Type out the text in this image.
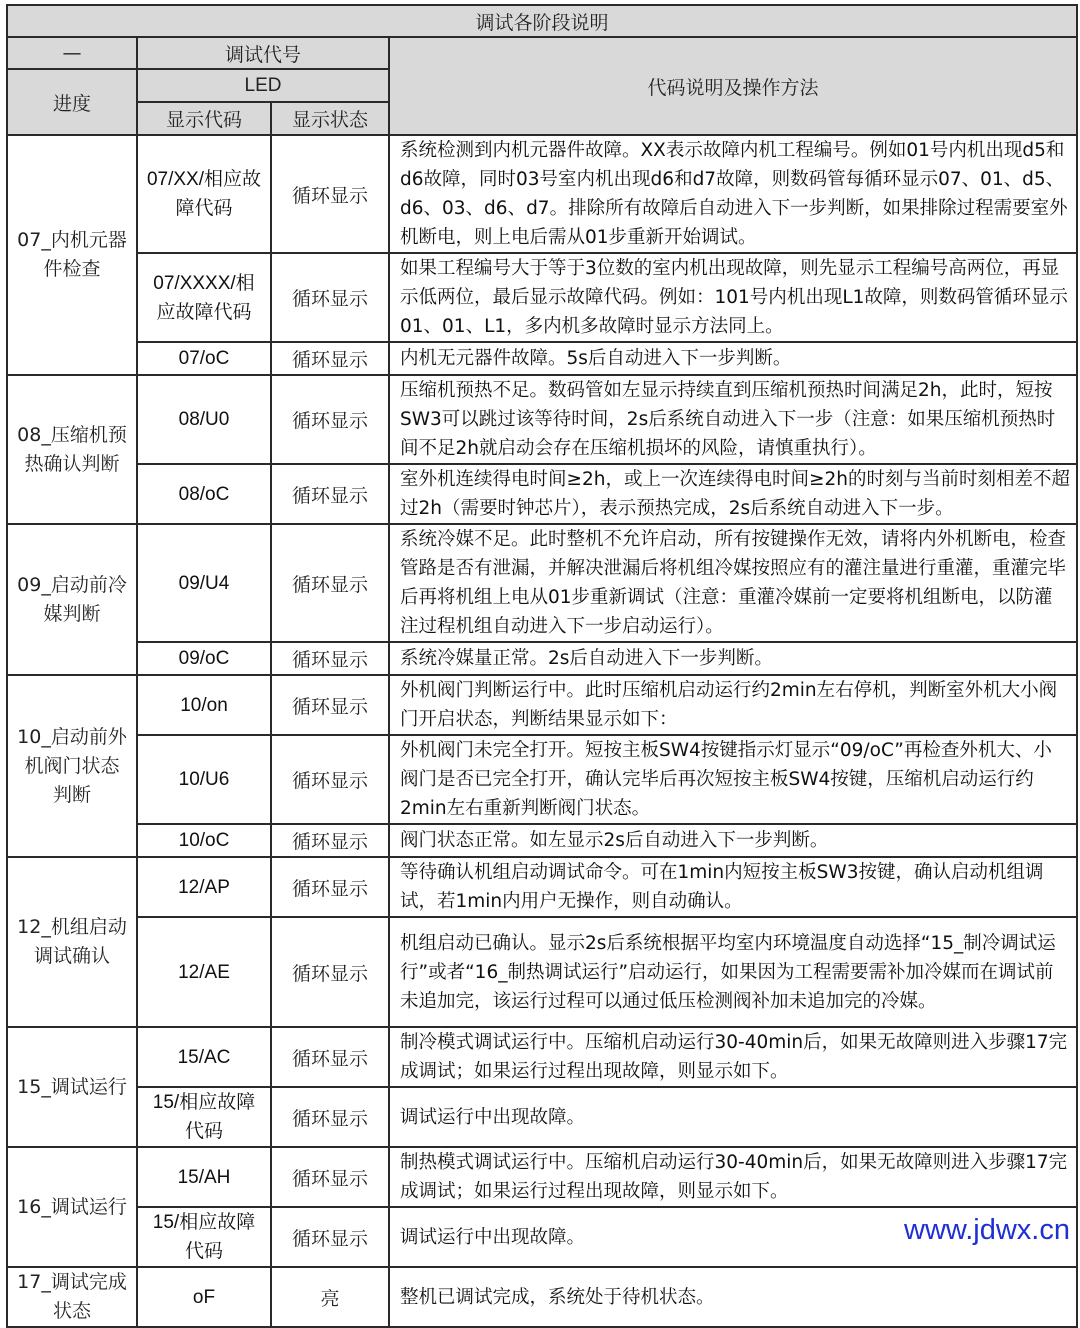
调试各阶段说明			
—	调试代号		代码说明及操作方法
进度	LED		
	显示代码	显示状态	
07_内机元器件检查	07/XX/相应故障代码	循环显示	系统检测到内机元器件故障。XX表示故障内机工程编号。例如01号内机出现d5和d6故障，同时03号室内机出现d6和d7故障，则数码管每循环显示07、01、d5、d6、03、d6、d7。排除所有故障后自动进入下一步判断，如果排除过程需要室外机断电，则上电后需从01步重新开始调试。
	07/XXXX/相应故障代码	循环显示	如果工程编号大于等于3位数的室内机出现故障，则先显示工程编号高两位，再显示低两位，最后显示故障代码。例如：101号内机出现L1故障，则数码管循环显示01、01、L1，多内机多故障时显示方法同上。
	07/oC	循环显示	内机无元器件故障。5s后自动进入下一步判断。
08_压缩机预热确认判断	08/U0	循环显示	压缩机预热不足。数码管如左显示持续直到压缩机预热时间满足2h，此时，短按SW3可以跳过该等待时间，2s后系统自动进入下一步（注意：如果压缩机预热时间不足2h就启动会存在压缩机损坏的风险，请慎重执行）。
	08/oC	循环显示	室外机连续得电时间≥2h，或上一次连续得电时间≥2h的时刻与当前时刻相差不超过2h（需要时钟芯片），表示预热完成，2s后系统自动进入下一步。
09_启动前冷媒判断	09/U4	循环显示	系统冷媒不足。此时整机不允许启动，所有按键操作无效，请将内外机断电，检查管路是否有泄漏，并解决泄漏后将机组冷媒按照应有的灌注量进行重灌，重灌完毕后再将机组上电从01步重新调试（注意：重灌冷媒前一定要将机组断电，以防灌注过程机组自动进入下一步启动运行）。
	09/oC	循环显示	系统冷媒量正常。2s后自动进入下一步判断。
10_启动前外机阀门状态判断	10/on	循环显示	外机阀门判断运行中。此时压缩机启动运行约2min左右停机，判断室外机大小阀门开启状态，判断结果显示如下：
	10/U6	循环显示	外机阀门未完全打开。短按主板SW4按键指示灯显示“09/oC”再检查外机大、小阀门是否已完全打开，确认完毕后再次短按主板SW4按键，压缩机启动运行约2min左右重新判断阀门状态。
	10/oC	循环显示	阀门状态正常。如左显示2s后自动进入下一步判断。
12_机组启动调试确认	12/AP	循环显示	等待确认机组启动调试命令。可在1min内短按主板SW3按键，确认启动机组调试，若1min内用户无操作，则自动确认。
	12/AE	循环显示	机组启动已确认。显示2s后系统根据平均室内环境温度自动选择“15_制冷调试运行”或者“16_制热调试运行”启动运行，如果因为工程需要需补加冷媒而在调试前未追加完，该运行过程可以通过低压检测阀补加未追加完的冷媒。
15_调试运行	15/AC	循环显示	制冷模式调试运行中。压缩机启动运行30-40min后，如果无故障则进入步骤17完成调试；如果运行过程出现故障，则显示如下。
	15/相应故障代码	循环显示	调试运行中出现故障。
16_调试运行	15/AH	循环显示	制热模式调试运行中。压缩机启动运行30-40min后，如果无故障则进入步骤17完成调试；如果运行过程出现故障，则显示如下。
	15/相应故障代码	循环显示	调试运行中出现故障。
17_调试完成状态	oF	亮	整机已调试完成，系统处于待机状态。
www.jdwx.cn
